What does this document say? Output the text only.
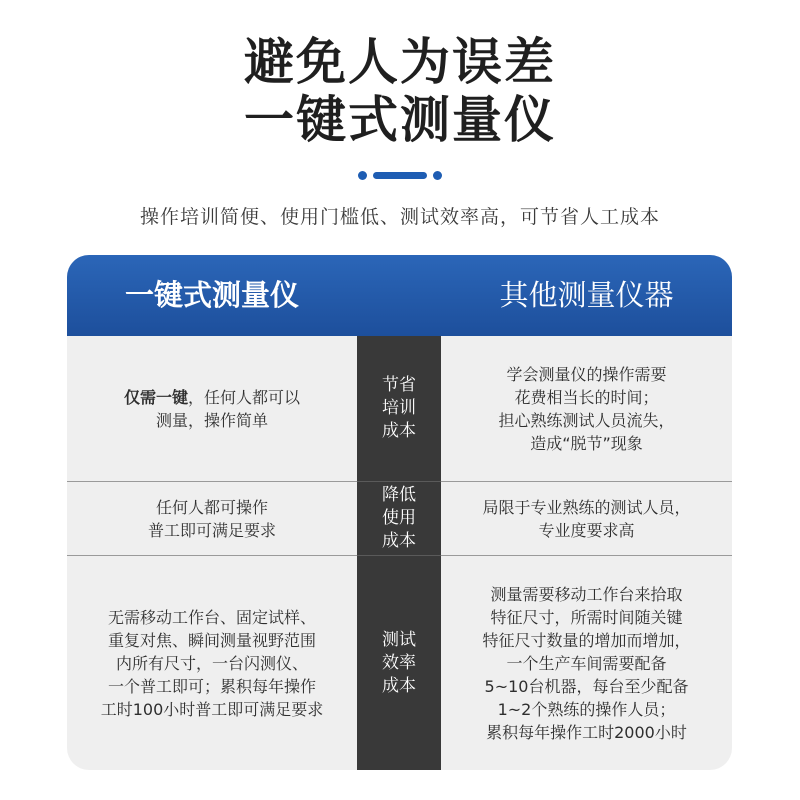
避免人为误差
一键式测量仪
操作培训简便、使用门槛低、测试效率高，可节省人工成本
一键式测量仪	其他测量仪器
仅需一键，任何人都可以
测量，操作简单
节省
培训
成本
学会测量仪的操作需要
花费相当长的时间；
担心熟练测试人员流失，
造成“脱节”现象
任何人都可操作
普工即可满足要求
降低
使用
成本
局限于专业熟练的测试人员，
专业度要求高
无需移动工作台、固定试样、
重复对焦、瞬间测量视野范围
内所有尺寸，一台闪测仪、
一个普工即可；累积每年操作
工时100小时普工即可满足要求
测试
效率
成本
测量需要移动工作台来拾取
特征尺寸，所需时间随关键
特征尺寸数量的增加而增加，
一个生产车间需要配备
5~10台机器，每台至少配备
1~2个熟练的操作人员；
累积每年操作工时2000小时
